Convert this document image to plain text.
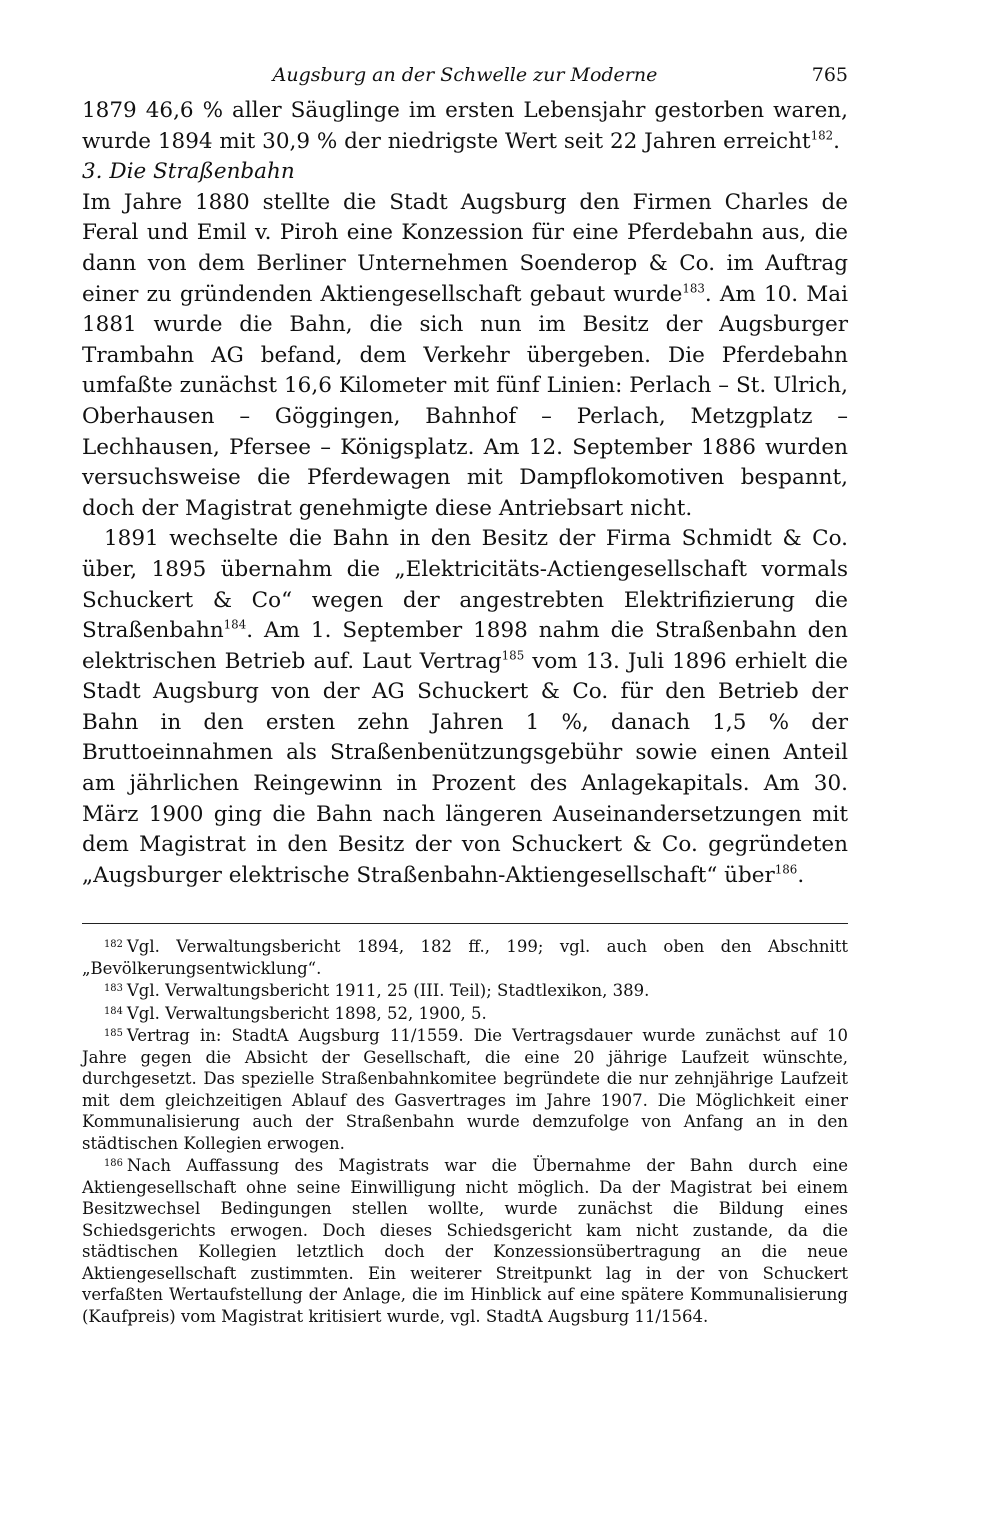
Augsburg an der Schwelle zur Moderne	765

1879 46,6 % aller Säuglinge im ersten Lebensjahr gestorben waren, wurde 1894 mit 30,9 % der niedrigste Wert seit 22 Jahren erreicht$^{182}$.

3. Die Straßenbahn

Im Jahre 1880 stellte die Stadt Augsburg den Firmen Charles de Feral und Emil v. Piroh eine Konzession für eine Pferdebahn aus, die dann von dem Berliner Unternehmen Soenderop & Co. im Auftrag einer zu gründenden Aktiengesellschaft gebaut wurde$^{183}$. Am 10. Mai 1881 wurde die Bahn, die sich nun im Besitz der Augsburger Trambahn AG befand, dem Verkehr übergeben. Die Pferdebahn umfaßte zunächst 16,6 Kilometer mit fünf Linien: Perlach – St. Ulrich, Oberhausen – Göggingen, Bahnhof – Perlach, Metzgplatz – Lechhausen, Pfersee – Königsplatz. Am 12. September 1886 wurden versuchsweise die Pferdewagen mit Dampflokomotiven bespannt, doch der Magistrat genehmigte diese Antriebsart nicht.

1891 wechselte die Bahn in den Besitz der Firma Schmidt & Co. über, 1895 übernahm die „Elektricitäts-Actiengesellschaft vormals Schuckert & Co“ wegen der angestrebten Elektrifizierung die Straßenbahn$^{184}$. Am 1. September 1898 nahm die Straßenbahn den elektrischen Betrieb auf. Laut Vertrag$^{185}$ vom 13. Juli 1896 erhielt die Stadt Augsburg von der AG Schuckert & Co. für den Betrieb der Bahn in den ersten zehn Jahren 1 %, danach 1,5 % der Bruttoeinnahmen als Straßenbenützungsgebühr sowie einen Anteil am jährlichen Reingewinn in Prozent des Anlagekapitals. Am 30. März 1900 ging die Bahn nach längeren Auseinandersetzungen mit dem Magistrat in den Besitz der von Schuckert & Co. gegründeten „Augsburger elektrische Straßenbahn-Aktiengesellschaft“ über$^{186}$.

$^{182}$ Vgl. Verwaltungsbericht 1894, 182 ff., 199; vgl. auch oben den Abschnitt „Bevölkerungsentwicklung“.

$^{183}$ Vgl. Verwaltungsbericht 1911, 25 (III. Teil); Stadtlexikon, 389.

$^{184}$ Vgl. Verwaltungsbericht 1898, 52, 1900, 5.

$^{185}$ Vertrag in: StadtA Augsburg 11/1559. Die Vertragsdauer wurde zunächst auf 10 Jahre gegen die Absicht der Gesellschaft, die eine 20 jährige Laufzeit wünschte, durchgesetzt. Das spezielle Straßenbahnkomitee begründete die nur zehnjährige Laufzeit mit dem gleichzeitigen Ablauf des Gasvertrages im Jahre 1907. Die Möglichkeit einer Kommunalisierung auch der Straßenbahn wurde demzufolge von Anfang an in den städtischen Kollegien erwogen.

$^{186}$ Nach Auffassung des Magistrats war die Übernahme der Bahn durch eine Aktiengesellschaft ohne seine Einwilligung nicht möglich. Da der Magistrat bei einem Besitzwechsel Bedingungen stellen wollte, wurde zunächst die Bildung eines Schiedsgerichts erwogen. Doch dieses Schiedsgericht kam nicht zustande, da die städtischen Kollegien letztlich doch der Konzessionsübertragung an die neue Aktiengesellschaft zustimmten. Ein weiterer Streitpunkt lag in der von Schuckert verfaßten Wertaufstellung der Anlage, die im Hinblick auf eine spätere Kommunalisierung (Kaufpreis) vom Magistrat kritisiert wurde, vgl. StadtA Augsburg 11/1564.
